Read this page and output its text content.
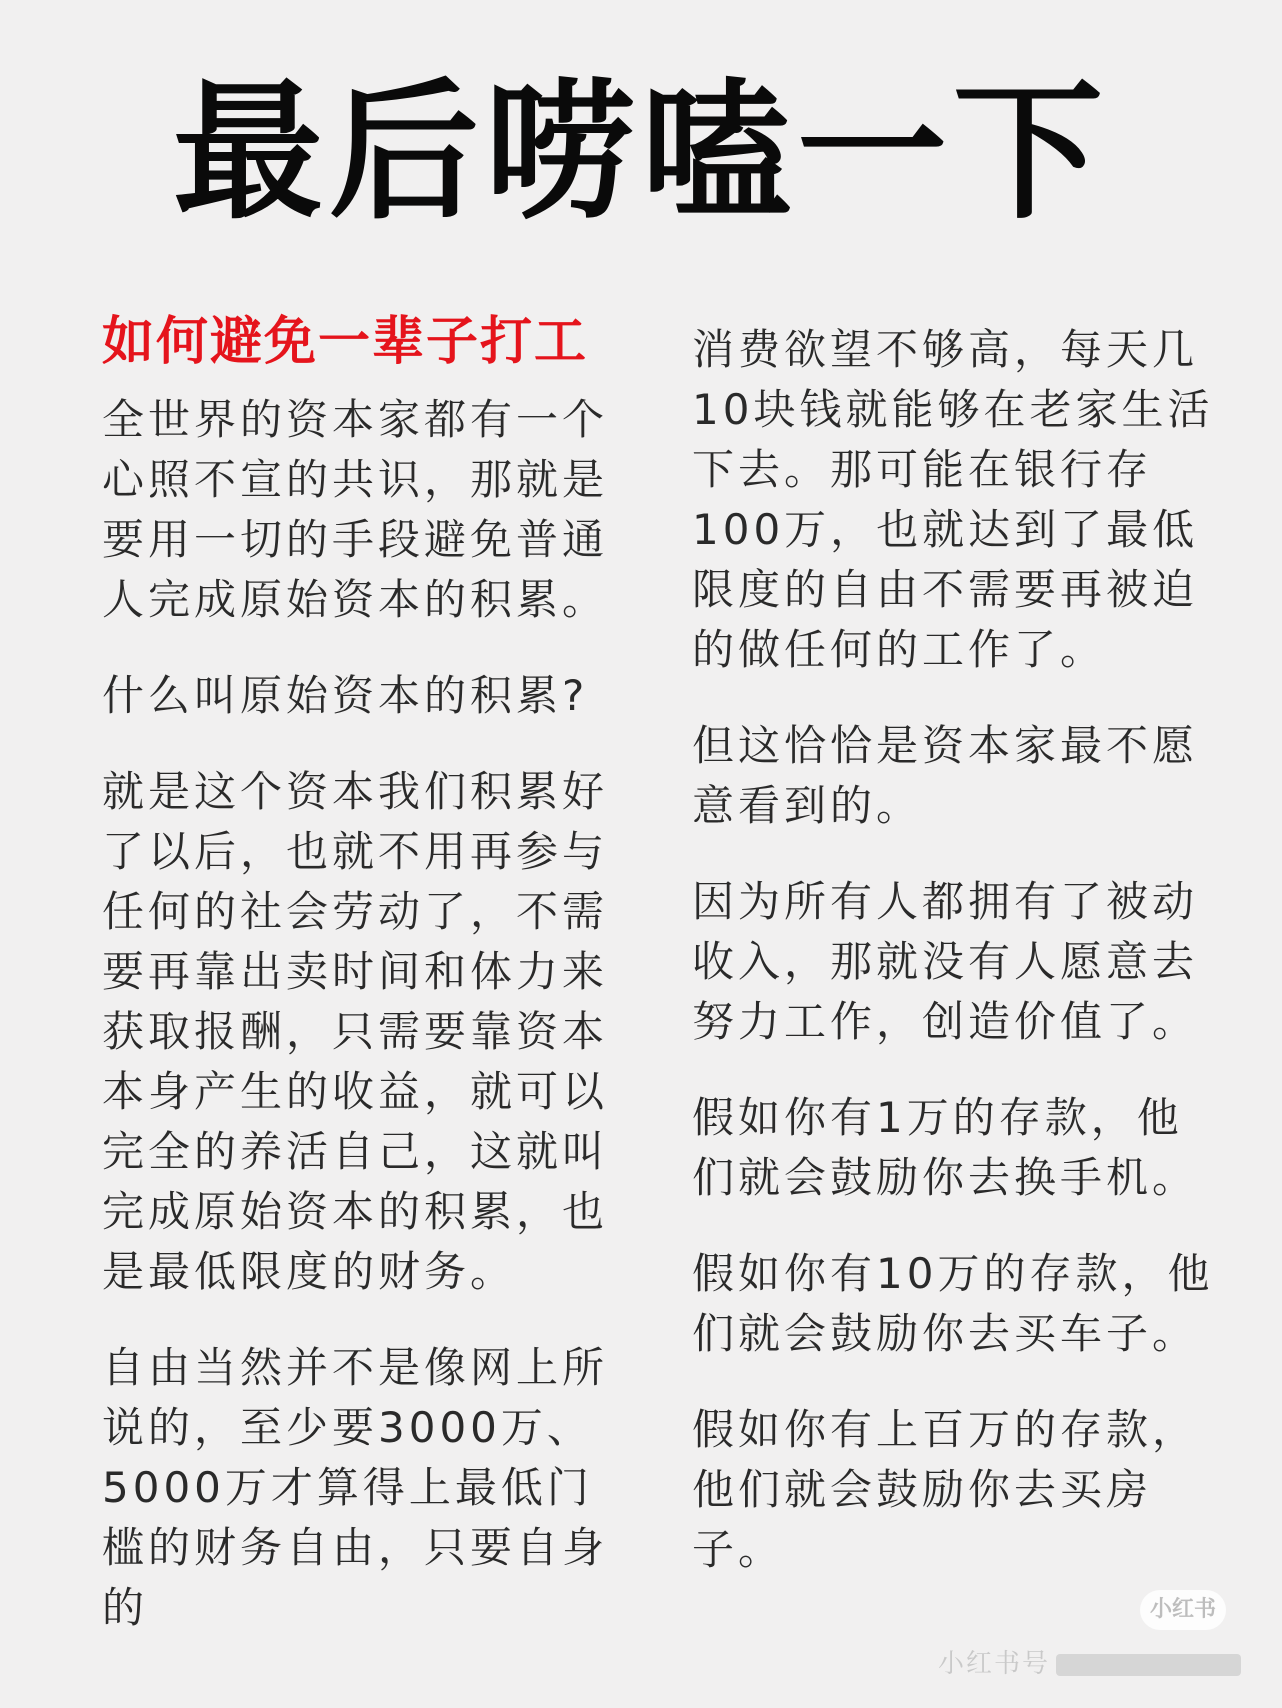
最后唠嗑一下
如何避免一辈子打工

全世界的资本家都有一个心照不宣的共识，那就是要用一切的手段避免普通人完成原始资本的积累。

什么叫原始资本的积累?

就是这个资本我们积累好了以后，也就不用再参与任何的社会劳动了，不需要再靠出卖时间和体力来获取报酬，只需要靠资本本身产生的收益，就可以完全的养活自己，这就叫完成原始资本的积累，也是最低限度的财务。

自由当然并不是像网上所说的，至少要3000万、5000万才算得上最低门槛的财务自由，只要自身的

消费欲望不够高，每天几10块钱就能够在老家生活下去。那可能在银行存100万，也就达到了最低限度的自由不需要再被迫的做任何的工作了。

但这恰恰是资本家最不愿意看到的。

因为所有人都拥有了被动收入，那就没有人愿意去努力工作，创造价值了。

假如你有1万的存款，他们就会鼓励你去换手机。

假如你有10万的存款，他们就会鼓励你去买车子。

假如你有上百万的存款，他们就会鼓励你去买房子。

小红书
小红书号
